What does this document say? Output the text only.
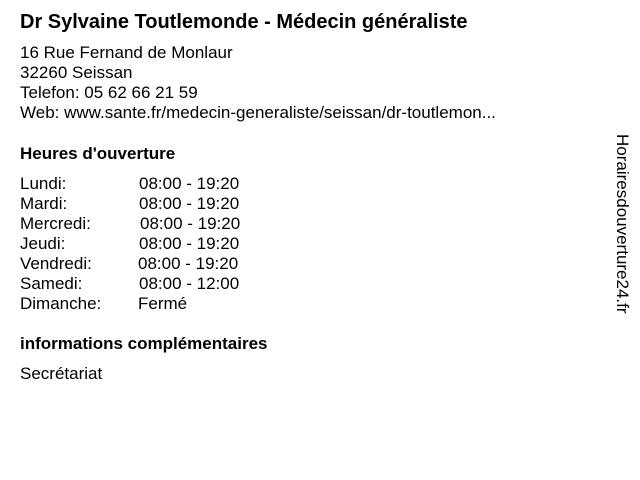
Dr Sylvaine Toutlemonde - Médecin généraliste
16 Rue Fernand de Monlaur
32260 Seissan
Telefon: 05 62 66 21 59
Web: www.sante.fr/medecin-generaliste/seissan/dr-toutlemon...
Heures d'ouverture
Lundi:	08:00 - 19:20
Mardi:	08:00 - 19:20
Mercredi:	08:00 - 19:20
Jeudi:	08:00 - 19:20
Vendredi:	08:00 - 19:20
Samedi:	08:00 - 12:00
Dimanche: Fermé
informations complémentaires
Secrétariat
Horairesdouverture24.fr
